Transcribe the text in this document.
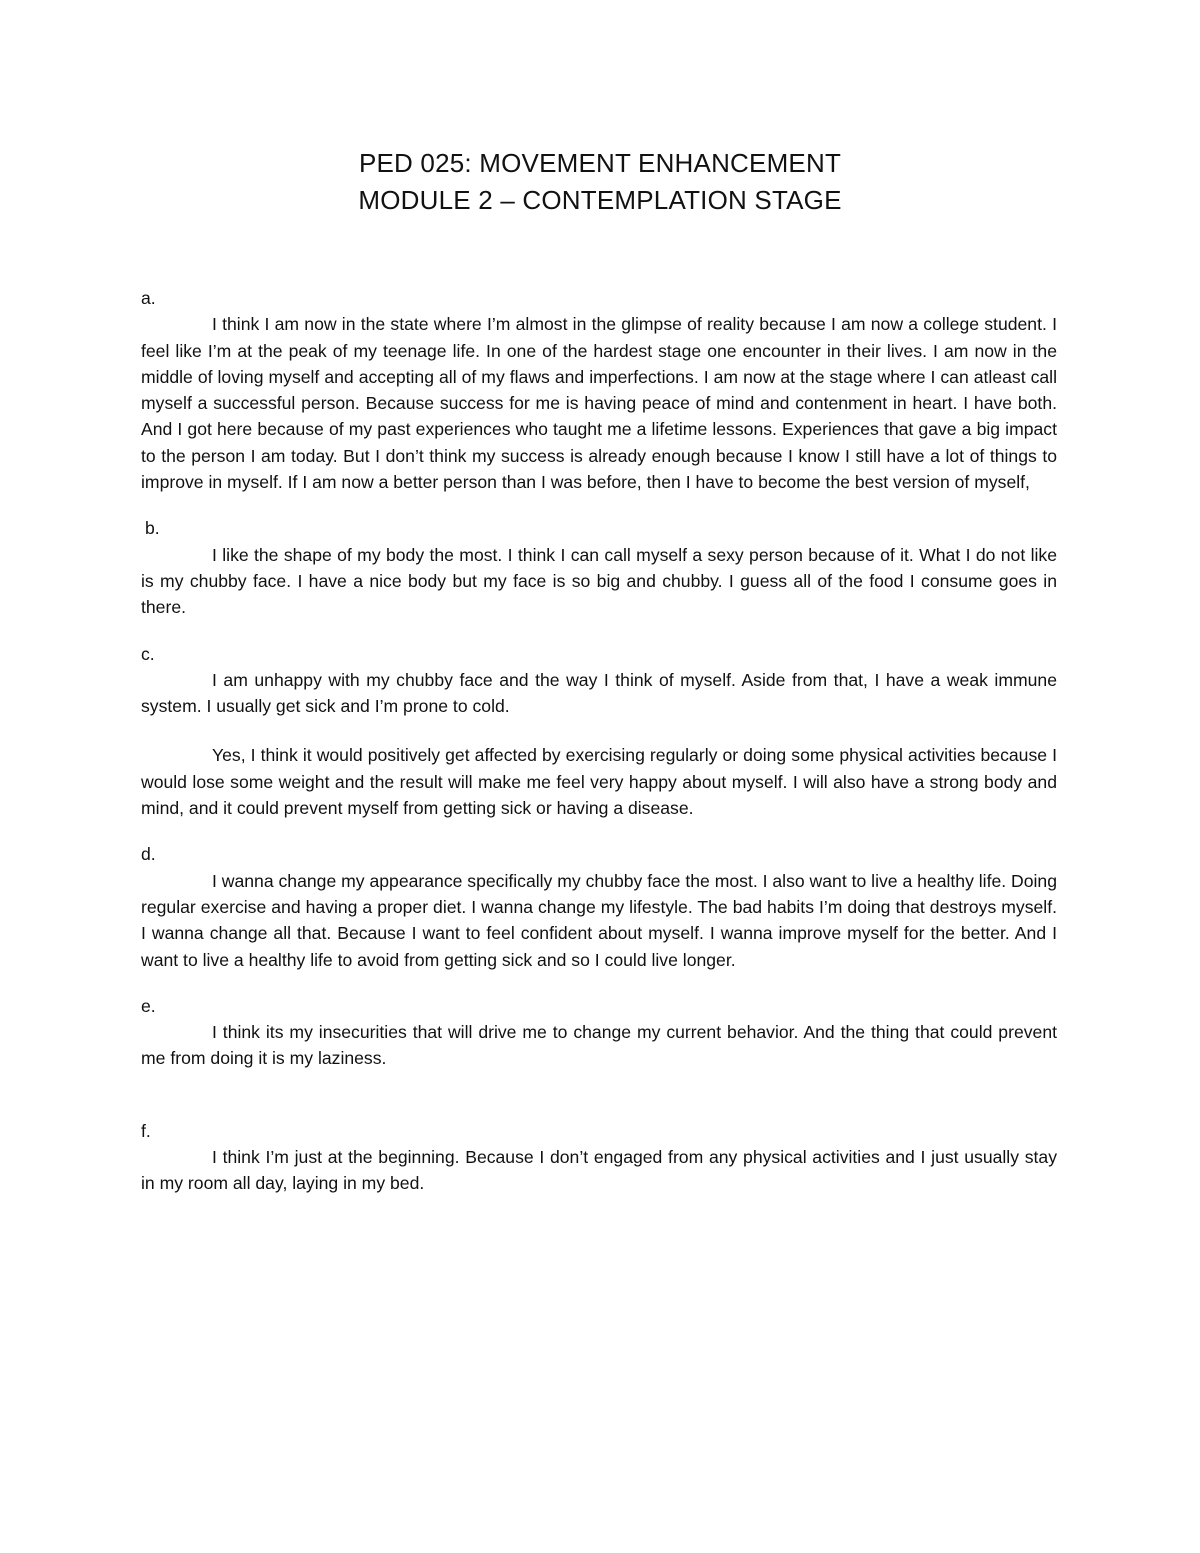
PED 025: MOVEMENT ENHANCEMENT
MODULE 2 – CONTEMPLATION STAGE
a.

I think I am now in the state where I’m almost in the glimpse of reality because I am now a college student. I feel like I’m at the peak of my teenage life. In one of the hardest stage one encounter in their lives. I am now in the middle of loving myself and accepting all of my flaws and imperfections. I am now at the stage where I can atleast call myself a successful person. Because success for me is having peace of mind and contenment in heart. I have both. And I got here because of my past experiences who taught me a lifetime lessons. Experiences that gave a big impact to the person I am today. But I don’t think my success is already enough because I know I still have a lot of things to improve in myself. If I am now a better person than I was before, then I have to become the best version of myself,

b.

I like the shape of my body the most. I think I can call myself a sexy person because of it. What I do not like is my chubby face. I have a nice body but my face is so big and chubby. I guess all of the food I consume goes in there.

c.

I am unhappy with my chubby face and the way I think of myself. Aside from that, I have a weak immune system. I usually get sick and I’m prone to cold.

Yes, I think it would positively get affected by exercising regularly or doing some physical activities because I would lose some weight and the result will make me feel very happy about myself. I will also have a strong body and mind, and it could prevent myself from getting sick or having a disease.

d.

I wanna change my appearance specifically my chubby face the most. I also want to live a healthy life. Doing regular exercise and having a proper diet. I wanna change my lifestyle. The bad habits I’m doing that destroys myself. I wanna change all that. Because I want to feel confident about myself. I wanna improve myself for the better. And I want to live a healthy life to avoid from getting sick and so I could live longer.

e.

I think its my insecurities that will drive me to change my current behavior. And the thing that could prevent me from doing it is my laziness.

f.

I think I’m just at the beginning. Because I don’t engaged from any physical activities and I just usually stay in my room all day, laying in my bed.
